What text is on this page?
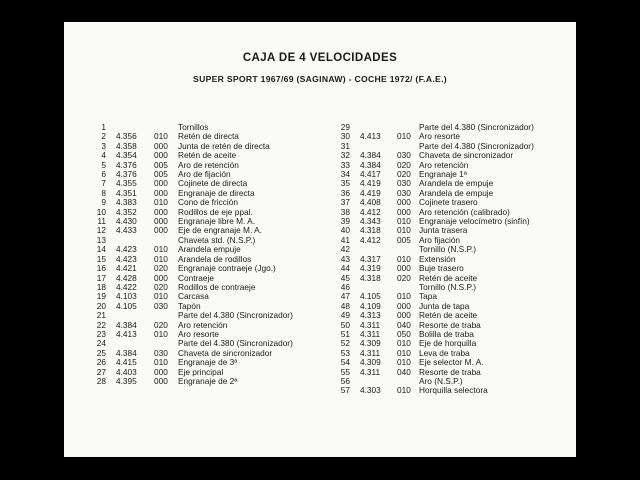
CAJA DE 4 VELOCIDADES
SUPER SPORT 1967/69 (SAGINAW) - COCHE 1972/ (F.A.E.)
1	Tornillos
2 4.356 010 Retén de directa
3 4.358 000 Junta de retén de directa
4 4.354 000 Retén de aceite
5 4.376 005 Aro de retención
6 4.376 005 Aro de fijación
7 4.355 000 Cojinete de directa
8 4.351 000 Engranaje de directa
9 4.383 010 Cono de fricción
10 4.352 000 Rodillos de eje ppal.
11 4.430 000 Engranaje libre M. A.
12 4.433 000 Eje de engranaje M. A.
13	Chaveta std. (N.S.P.)
14 4.423 010 Arandela empuje
15 4.423 010 Arandela de rodillos
16 4.421 020 Engranaje contraeje (Jgo.)
17 4.428 000 Contraeje
18 4.422 020 Rodillos de contraeje
19 4.103 010 Carcasa
20 4.105 030 Tapón
21	Parte del 4.380 (Sincronizador)
22 4.384 020 Aro retención
23 4.413 010 Aro resorte
24	Parte del 4.380 (Sincronizador)
25 4.384 030 Chaveta de sincronizador
26 4.415 010 Engranaje de 3ª
27 4.403 000 Eje principal
28 4.395 000 Engranaje de 2ª
29	Parte del 4.380 (Sincronizador)
30 4.413 010 Aro resorte
31	Parte del 4.380 (Sincronizador)
32 4.384 030 Chaveta de sincronizador
33 4.384 020 Aro retención
34 4.417 020 Engranaje 1ª
35 4.419 030 Arandela de empuje
36 4.419 030 Arandela de empuje
37 4.408 000 Cojinete trasero
38 4.412 000 Aro retención (calibrado)
39 4.343 010 Engranaje velocímetro (sinfín)
40 4.318 010 Junta trasera
41 4.412 005 Aro fijación
42	Tornillo (N.S.P.)
43 4.317 010 Extensión
44 4.319 000 Buje trasero
45 4.318 020 Retén de aceite
46	Tornillo (N.S.P.)
47 4.105 010 Tapa
48 4.109 000 Junta de tapa
49 4.313 000 Retén de aceite
50 4.311 040 Resorte de traba
51 4.311 050 Bolilla de traba
52 4.309 010 Eje de horquilla
53 4.311 010 Leva de traba
54 4.309 010 Eje selector M. A.
55 4.311 040 Resorte de traba
56	Aro (N.S.P.)
57 4.303 010 Horquilla selectora
